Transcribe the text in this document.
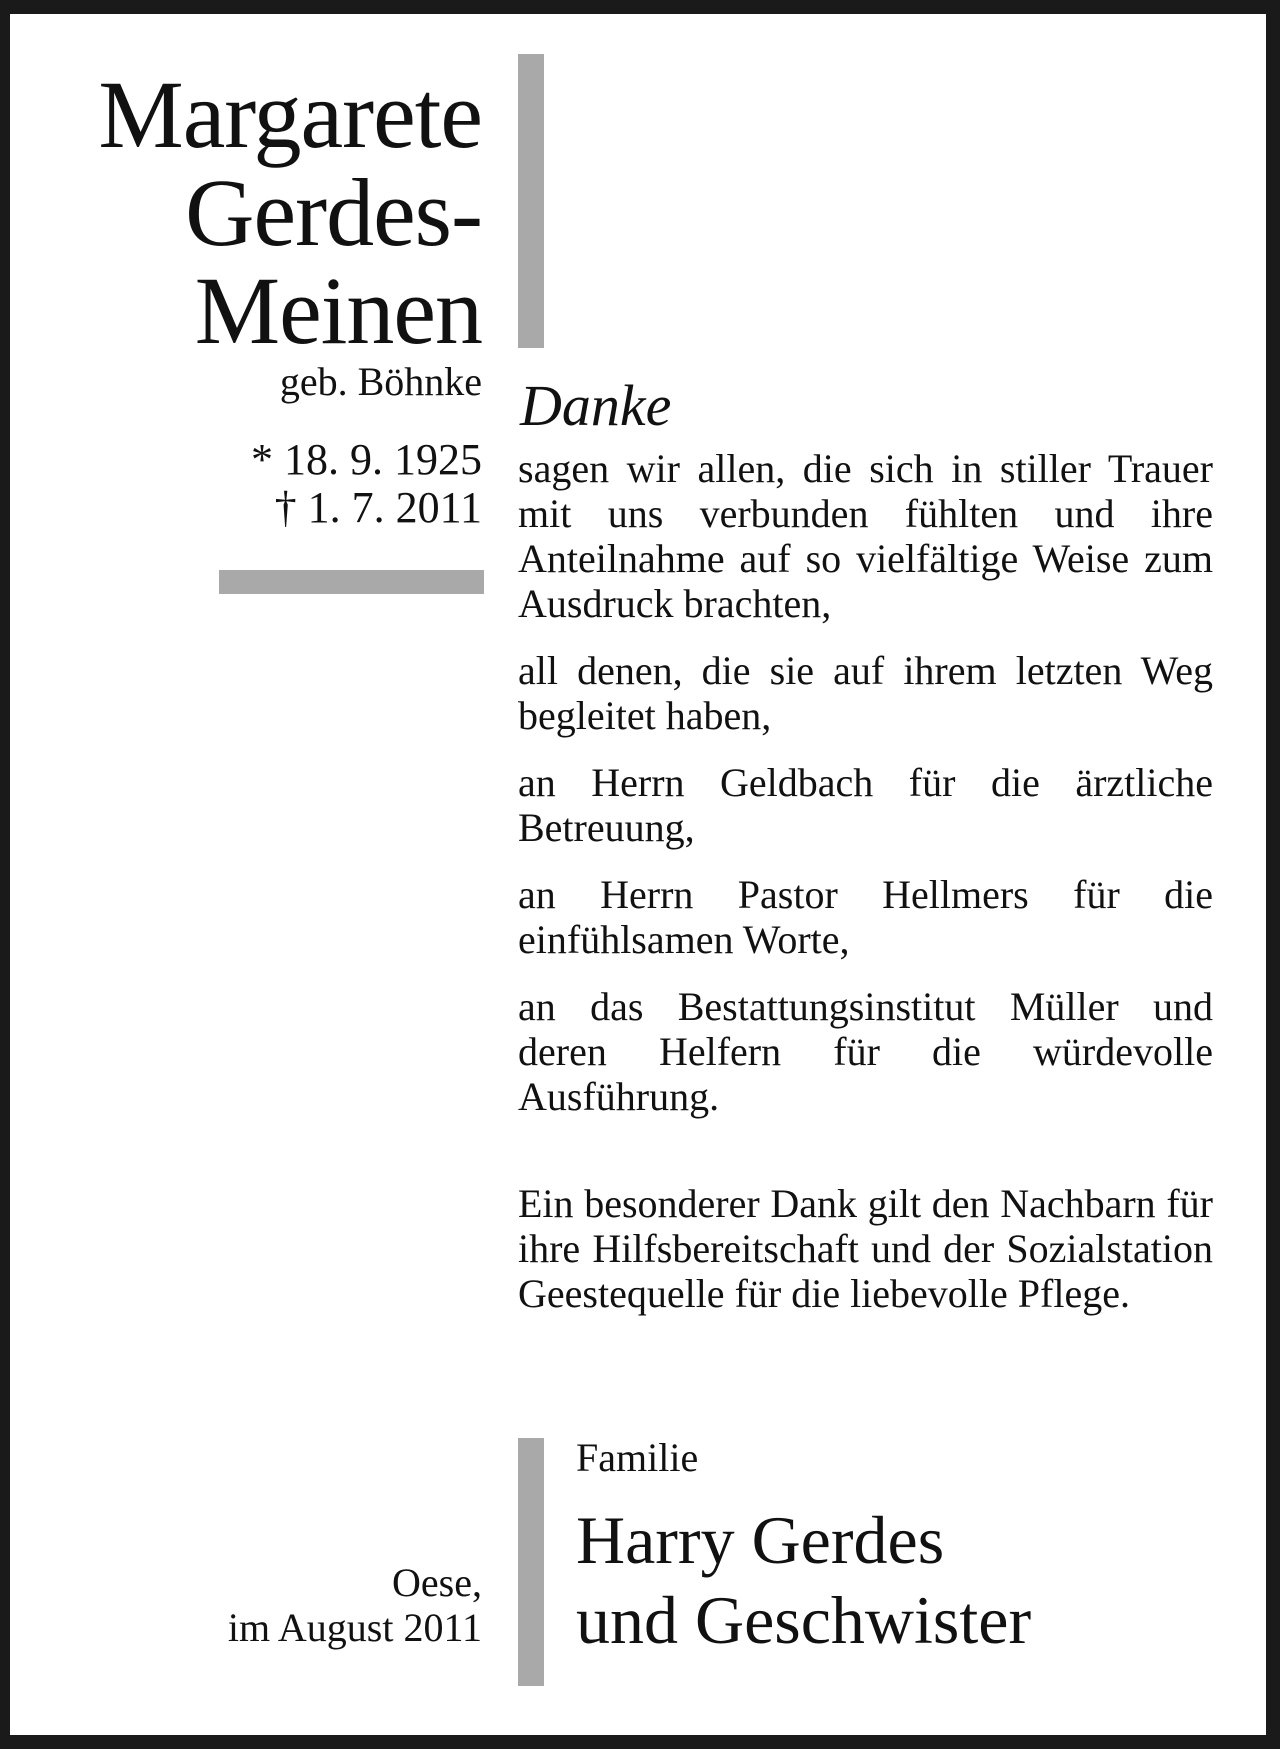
Margarete
Gerdes-
Meinen
geb. Böhnke
* 18. 9. 1925
† 1. 7. 2011
Danke

sagen wir allen, die sich in stiller Trauer mit uns verbunden fühlten und ihre Anteilnahme auf so vielfältige Weise zum Ausdruck brachten,

all denen, die sie auf ihrem letzten Weg begleitet haben,

an Herrn Geldbach für die ärztliche Betreuung,

an Herrn Pastor Hellmers für die einfühlsamen Worte,

an das Bestattungsinstitut Müller und deren Helfern für die würdevolle Ausführung.

Ein besonderer Dank gilt den Nachbarn für ihre Hilfsbereitschaft und der Sozialstation Geestequelle für die liebevolle Pflege.

Oese,
im August 2011
Familie
Harry Gerdes
und Geschwister
